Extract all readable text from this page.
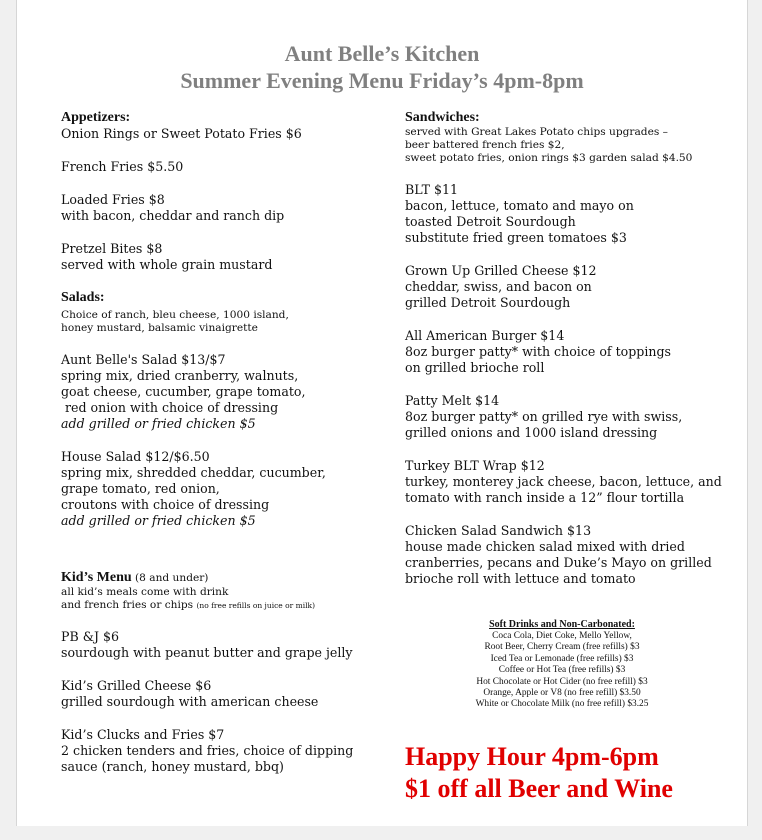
Aunt Belle’s Kitchen
Summer Evening Menu Friday’s 4pm-8pm
Appetizers:
Onion Rings or Sweet Potato Fries $6
French Fries $5.50
Loaded Fries $8
with bacon, cheddar and ranch dip
Pretzel Bites $8
served with whole grain mustard
Salads:
Choice of ranch, bleu cheese, 1000 island,
honey mustard, balsamic vinaigrette
Aunt Belle's Salad $13/$7
spring mix, dried cranberry, walnuts,
goat cheese, cucumber, grape tomato,
red onion with choice of dressing
add grilled or fried chicken $5
House Salad $12/$6.50
spring mix, shredded cheddar, cucumber,
grape tomato, red onion,
croutons with choice of dressing
add grilled or fried chicken $5
Kid’s Menu (8 and under)
all kid’s meals come with drink
and french fries or chips (no free refills on juice or milk)
PB &J $6
sourdough with peanut butter and grape jelly
Kid’s Grilled Cheese $6
grilled sourdough with american cheese
Kid’s Clucks and Fries $7
2 chicken tenders and fries, choice of dipping
sauce (ranch, honey mustard, bbq)
Sandwiches:
served with Great Lakes Potato chips upgrades –
beer battered french fries $2,
sweet potato fries, onion rings $3 garden salad $4.50
BLT $11
bacon, lettuce, tomato and mayo on
toasted Detroit Sourdough
substitute fried green tomatoes $3
Grown Up Grilled Cheese $12
cheddar, swiss, and bacon on
grilled Detroit Sourdough
All American Burger $14
8oz burger patty* with choice of toppings
on grilled brioche roll
Patty Melt $14
8oz burger patty* on grilled rye with swiss,
grilled onions and 1000 island dressing
Turkey BLT Wrap $12
turkey, monterey jack cheese, bacon, lettuce, and
tomato with ranch inside a 12” flour tortilla
Chicken Salad Sandwich $13
house made chicken salad mixed with dried
cranberries, pecans and Duke’s Mayo on grilled
brioche roll with lettuce and tomato
Soft Drinks and Non-Carbonated:
Coca Cola, Diet Coke, Mello Yellow,
Root Beer, Cherry Cream (free refills) $3
Iced Tea or Lemonade (free refills) $3
Coffee or Hot Tea (free refills) $3
Hot Chocolate or Hot Cider (no free refill) $3
Orange, Apple or V8 (no free refill) $3.50
White or Chocolate Milk (no free refill) $3.25
Happy Hour 4pm-6pm
$1 off all Beer and Wine
